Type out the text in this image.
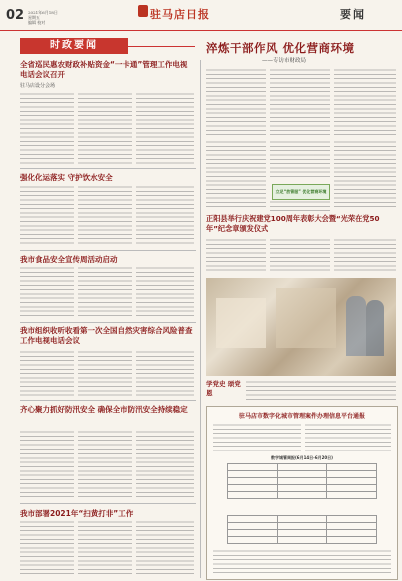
02 2021年6月18日
星期五
编辑 校对
驻马店日报	要闻
时政要闻	淬炼干部作风 优化营商环境
——专访市财政局
立足“放管服” 优化营商环境
全省巡民惠农财政补贴资金“一卡通”管理工作电视电话会议召开
驻马店设分会场
强化化运落实 守护饮水安全
我市食品安全宣传周活动启动
我市组织收听收看第一次全国自然灾害综合风险普查工作电视电话会议
齐心聚力抓好防汛安全 确保全市防汛安全持续稳定
我市部署2021年“扫黄打非”工作
正阳县举行庆祝建党100周年表彰大会暨“光荣在党50年”纪念章颁发仪式
学党史 颂党恩
驻马店市数字化城市管理案件办理信息平台通报
数字城管周报(6月14日-6月20日)
